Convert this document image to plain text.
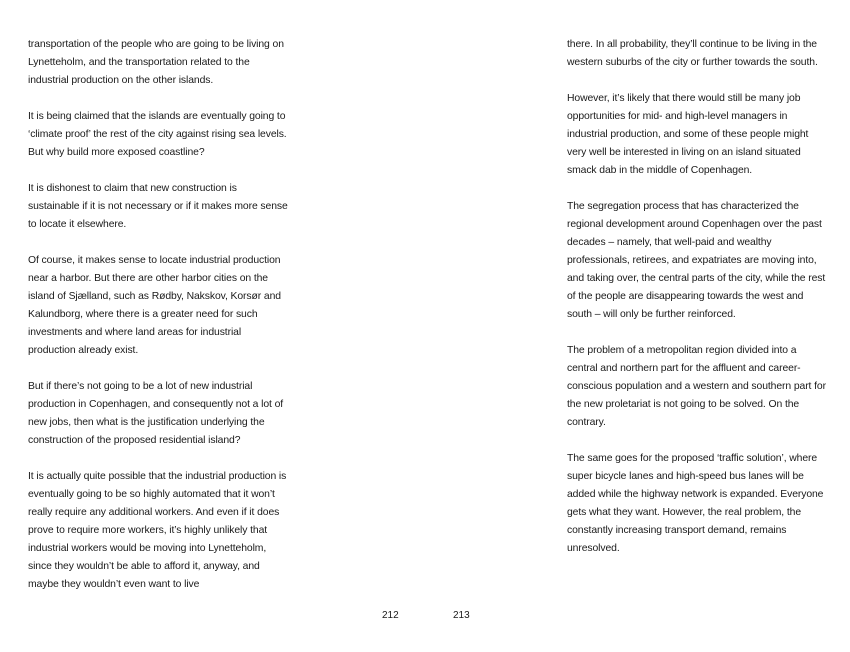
transportation of the people who are going to be living on Lynetteholm, and the transportation related to the industrial production on the other islands.

It is being claimed that the islands are eventually going to ‘climate proof’ the rest of the city against rising sea levels. But why build more exposed coastline?

It is dishonest to claim that new construction is sustainable if it is not necessary or if it makes more sense to locate it elsewhere.

Of course, it makes sense to locate industrial production near a harbor. But there are other harbor cities on the island of Sjælland, such as Rødby, Nakskov, Korsør and Kalundborg, where there is a greater need for such investments and where land areas for industrial production already exist.

But if there’s not going to be a lot of new industrial production in Copenhagen, and consequently not a lot of new jobs, then what is the justification underlying the construction of the proposed residential island?

It is actually quite possible that the industrial production is eventually going to be so highly automated that it won’t really require any additional workers. And even if it does prove to require more workers, it’s highly unlikely that industrial workers would be moving into Lynetteholm, since they wouldn’t be able to afford it, anyway, and maybe they wouldn’t even want to live

there. In all probability, they’ll continue to be living in the western suburbs of the city or further towards the south.

However, it’s likely that there would still be many job opportunities for mid- and high-level managers in industrial production, and some of these people might very well be interested in living on an island situated smack dab in the middle of Copenhagen.

The segregation process that has characterized the regional development around Copenhagen over the past decades – namely, that well-paid and wealthy professionals, retirees, and expatriates are moving into, and taking over, the central parts of the city, while the rest of the people are disappearing towards the west and south – will only be further reinforced.

The problem of a metropolitan region divided into a central and northern part for the affluent and career-conscious population and a western and southern part for the new proletariat is not going to be solved. On the contrary.

The same goes for the proposed ‘traffic solution’, where super bicycle lanes and high-speed bus lanes will be added while the highway network is expanded. Everyone gets what they want. However, the real problem, the constantly increasing transport demand, remains unresolved.

212	213
